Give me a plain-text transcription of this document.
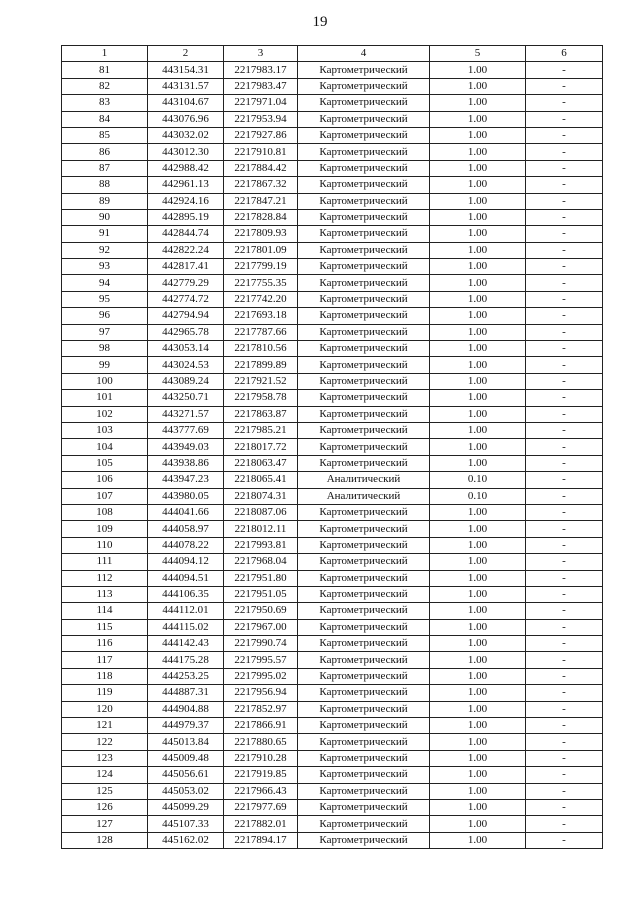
19
1	2	3	4	5	6
81	443154.31	2217983.17	Картометрический	1.00	-
82	443131.57	2217983.47	Картометрический	1.00	-
83	443104.67	2217971.04	Картометрический	1.00	-
84	443076.96	2217953.94	Картометрический	1.00	-
85	443032.02	2217927.86	Картометрический	1.00	-
86	443012.30	2217910.81	Картометрический	1.00	-
87	442988.42	2217884.42	Картометрический	1.00	-
88	442961.13	2217867.32	Картометрический	1.00	-
89	442924.16	2217847.21	Картометрический	1.00	-
90	442895.19	2217828.84	Картометрический	1.00	-
91	442844.74	2217809.93	Картометрический	1.00	-
92	442822.24	2217801.09	Картометрический	1.00	-
93	442817.41	2217799.19	Картометрический	1.00	-
94	442779.29	2217755.35	Картометрический	1.00	-
95	442774.72	2217742.20	Картометрический	1.00	-
96	442794.94	2217693.18	Картометрический	1.00	-
97	442965.78	2217787.66	Картометрический	1.00	-
98	443053.14	2217810.56	Картометрический	1.00	-
99	443024.53	2217899.89	Картометрический	1.00	-
100	443089.24	2217921.52	Картометрический	1.00	-
101	443250.71	2217958.78	Картометрический	1.00	-
102	443271.57	2217863.87	Картометрический	1.00	-
103	443777.69	2217985.21	Картометрический	1.00	-
104	443949.03	2218017.72	Картометрический	1.00	-
105	443938.86	2218063.47	Картометрический	1.00	-
106	443947.23	2218065.41	Аналитический	0.10	-
107	443980.05	2218074.31	Аналитический	0.10	-
108	444041.66	2218087.06	Картометрический	1.00	-
109	444058.97	2218012.11	Картометрический	1.00	-
110	444078.22	2217993.81	Картометрический	1.00	-
111	444094.12	2217968.04	Картометрический	1.00	-
112	444094.51	2217951.80	Картометрический	1.00	-
113	444106.35	2217951.05	Картометрический	1.00	-
114	444112.01	2217950.69	Картометрический	1.00	-
115	444115.02	2217967.00	Картометрический	1.00	-
116	444142.43	2217990.74	Картометрический	1.00	-
117	444175.28	2217995.57	Картометрический	1.00	-
118	444253.25	2217995.02	Картометрический	1.00	-
119	444887.31	2217956.94	Картометрический	1.00	-
120	444904.88	2217852.97	Картометрический	1.00	-
121	444979.37	2217866.91	Картометрический	1.00	-
122	445013.84	2217880.65	Картометрический	1.00	-
123	445009.48	2217910.28	Картометрический	1.00	-
124	445056.61	2217919.85	Картометрический	1.00	-
125	445053.02	2217966.43	Картометрический	1.00	-
126	445099.29	2217977.69	Картометрический	1.00	-
127	445107.33	2217882.01	Картометрический	1.00	-
128	445162.02	2217894.17	Картометрический	1.00	-
